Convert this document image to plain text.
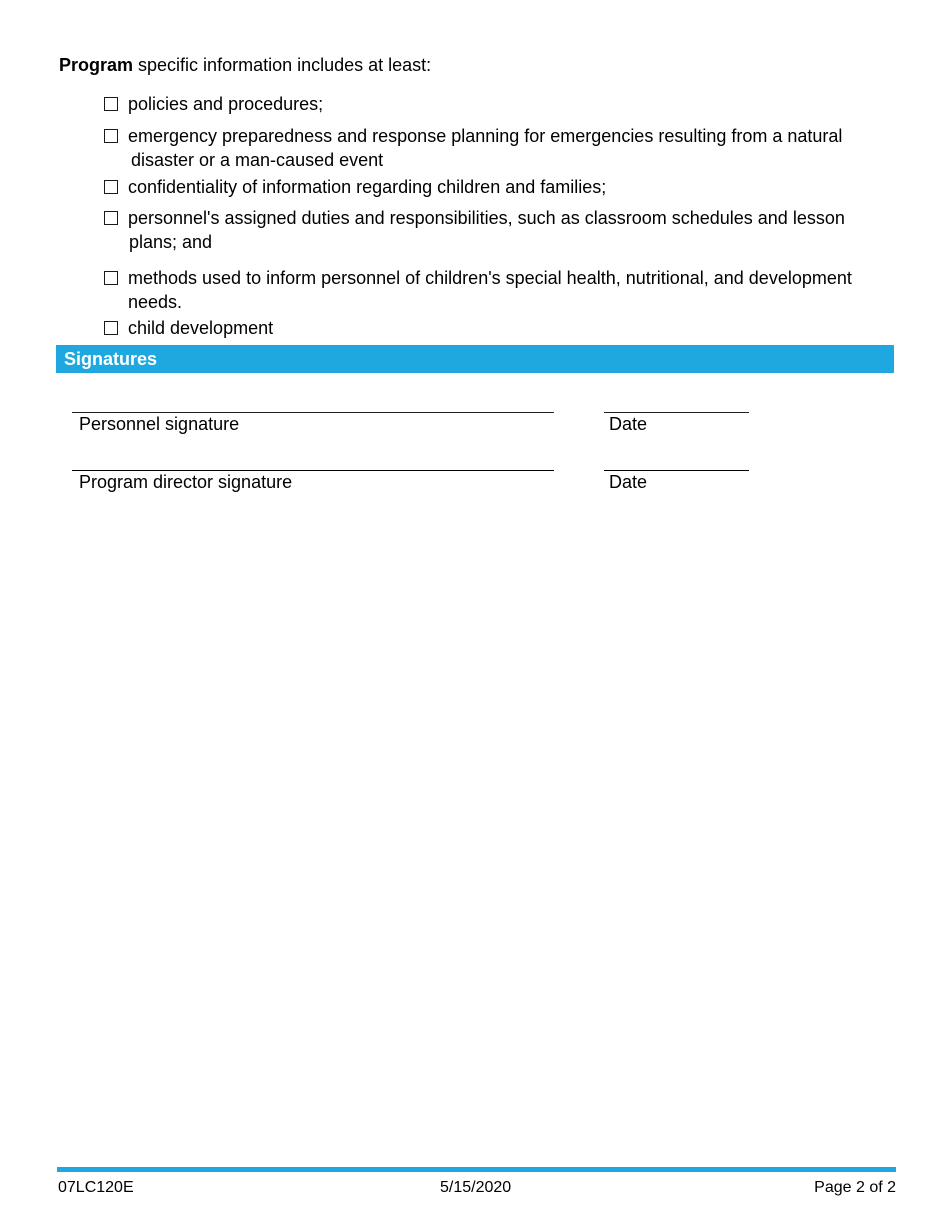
Program specific information includes at least:
policies and procedures;
emergency preparedness and response planning for emergencies resulting from a natural
disaster or a man-caused event
confidentiality of information regarding children and families;
personnel's assigned duties and responsibilities, such as classroom schedules and lesson
plans; and
methods used to inform personnel of children's special health, nutritional, and development
needs.
child development
Signatures
Personnel signature	Date
Program director signature	Date
07LC120E	5/15/2020	Page 2 of 2
